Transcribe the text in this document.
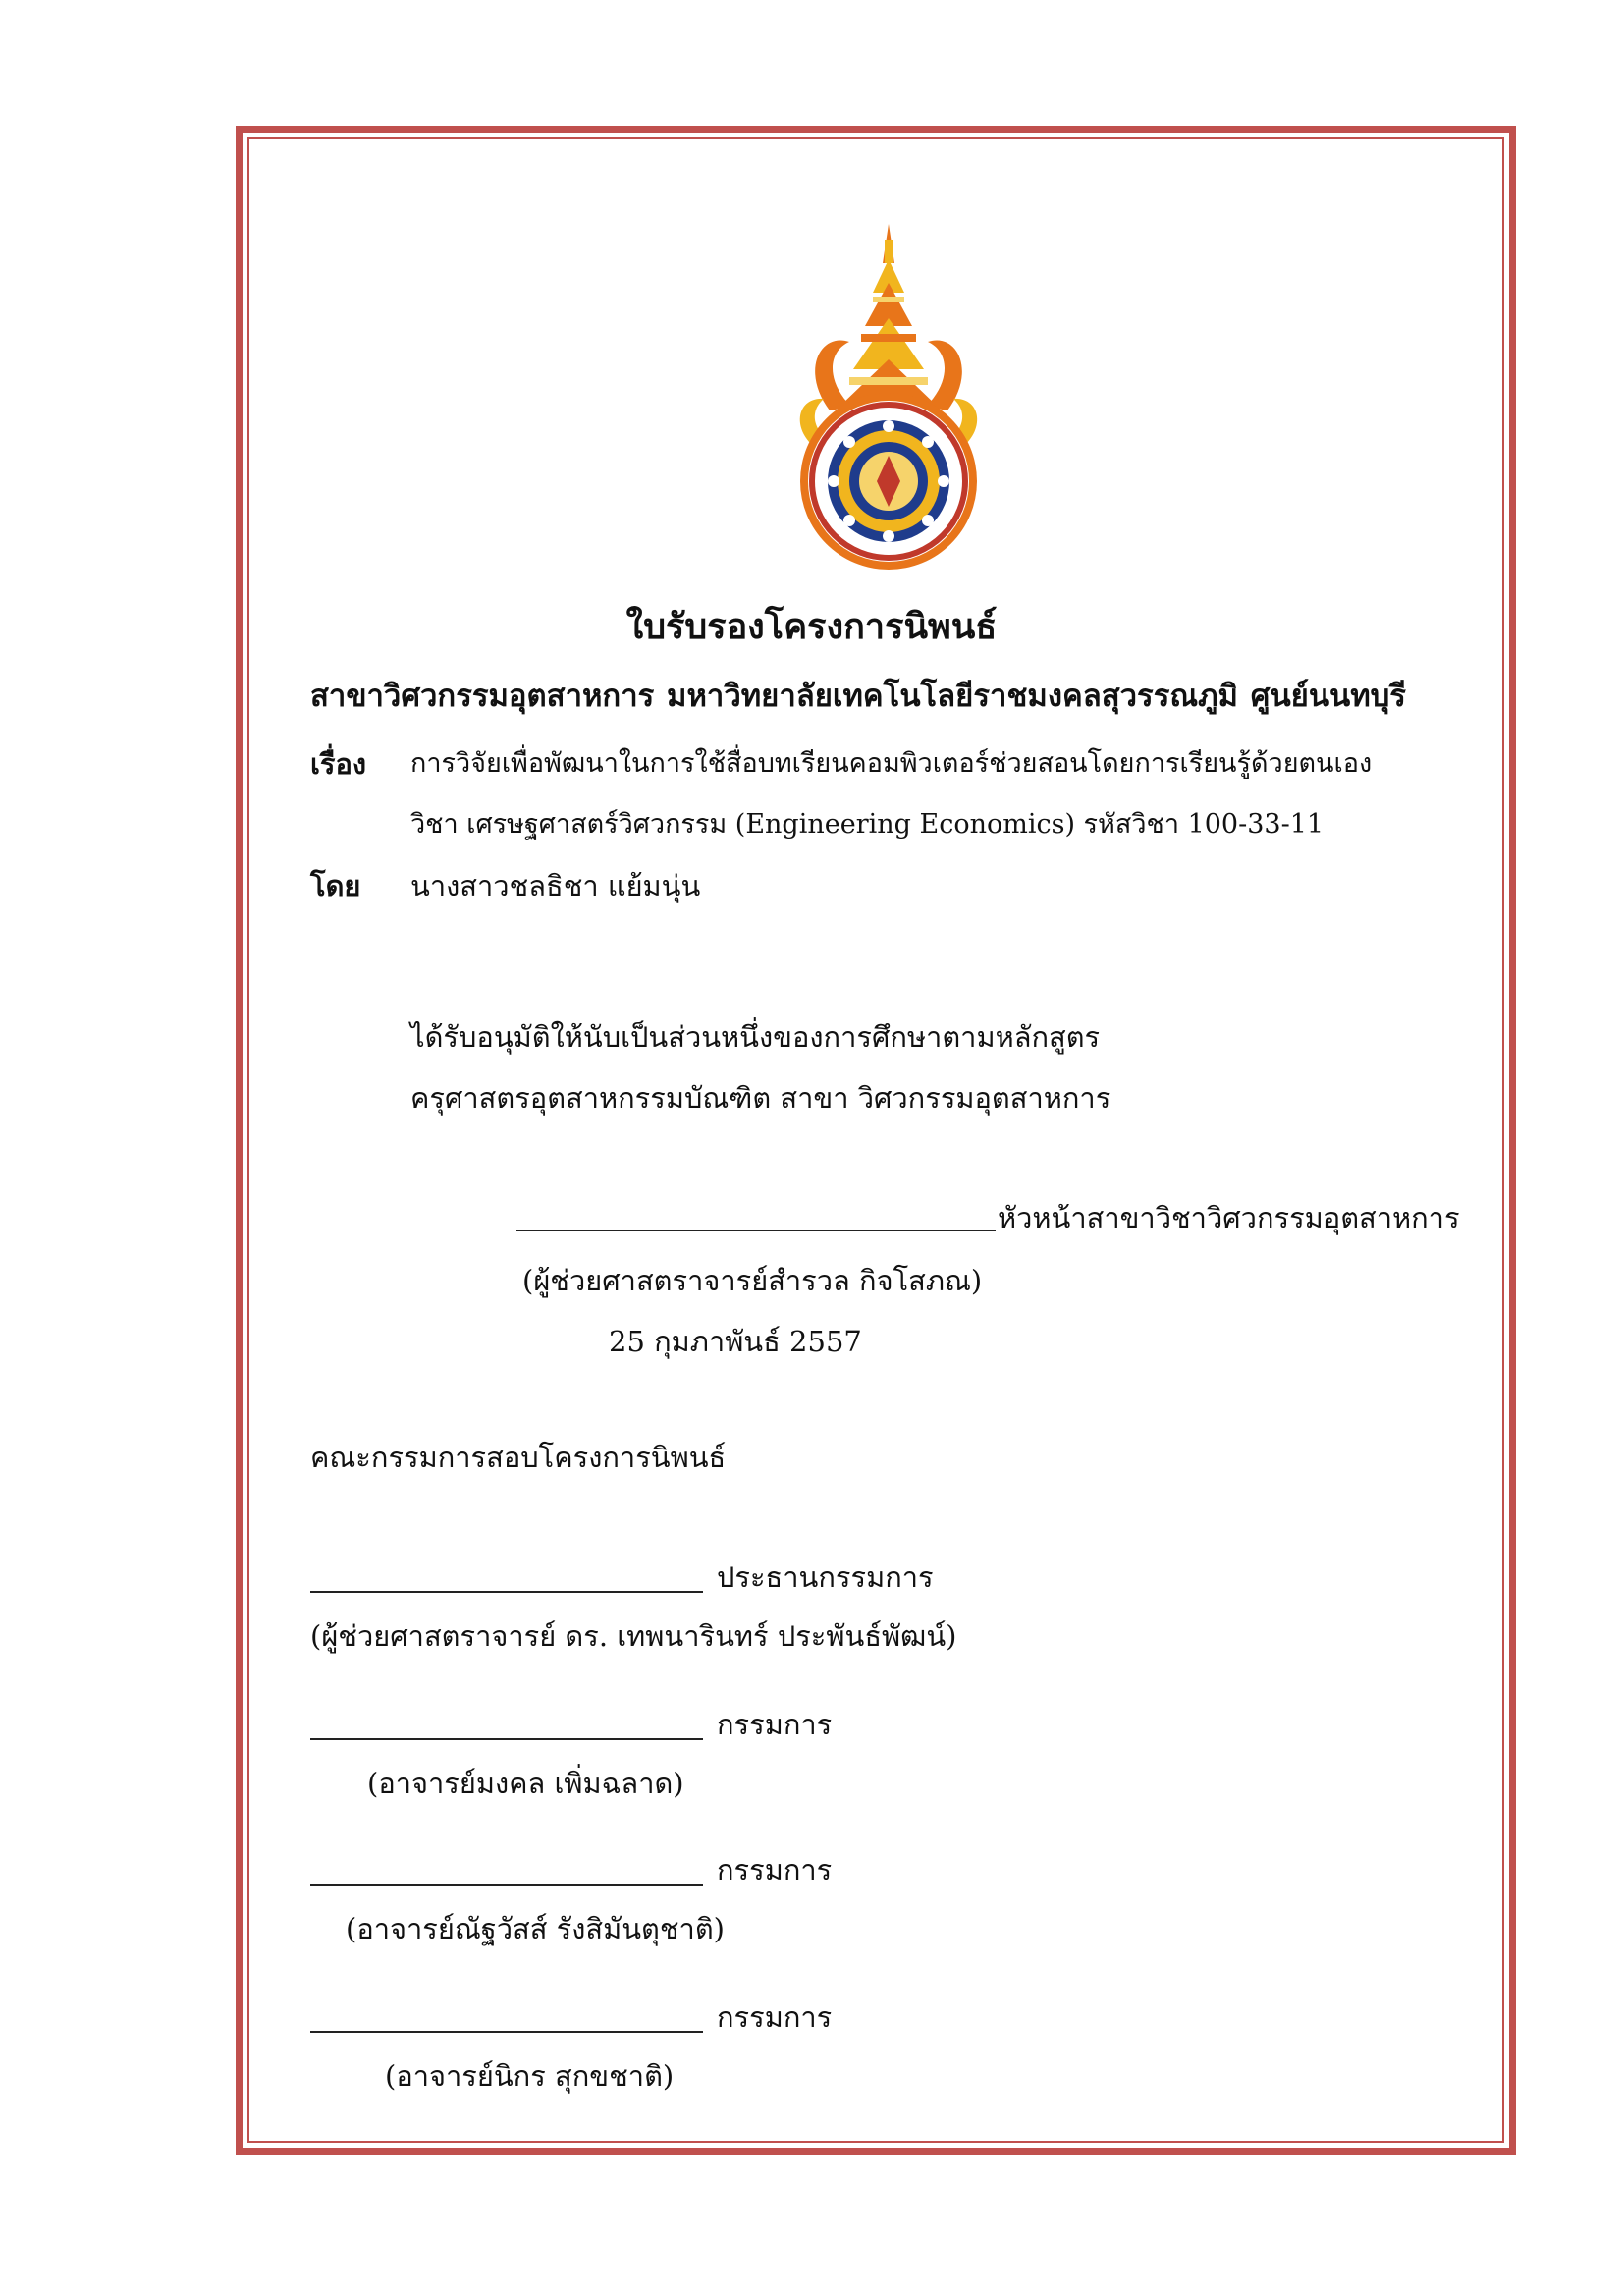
ใบรับรองโครงการนิพนธ์
สาขาวิศวกรรมอุตสาหการ มหาวิทยาลัยเทคโนโลยีราชมงคลสุวรรณภูมิ ศูนย์นนทบุรี
เรื่อง การวิจัยเพื่อพัฒนาในการใช้สื่อบทเรียนคอมพิวเตอร์ช่วยสอนโดยการเรียนรู้ด้วยตนเอง
วิชา เศรษฐศาสตร์วิศวกรรม (Engineering Economics) รหัสวิชา 100-33-11
โดย นางสาวชลธิชา แย้มนุ่น
ได้รับอนุมัติให้นับเป็นส่วนหนึ่งของการศึกษาตามหลักสูตร
ครุศาสตรอุตสาหกรรมบัณฑิต สาขา วิศวกรรมอุตสาหการ
หัวหน้าสาขาวิชาวิศวกรรมอุตสาหการ
(ผู้ช่วยศาสตราจารย์สำรวล กิจโสภณ)
25 กุมภาพันธ์ 2557
คณะกรรมการสอบโครงการนิพนธ์
ประธานกรรมการ
(ผู้ช่วยศาสตราจารย์ ดร. เทพนารินทร์ ประพันธ์พัฒน์)
กรรมการ
(อาจารย์มงคล เพิ่มฉลาด)
กรรมการ
(อาจารย์ณัฐวัสส์ รังสิมันตุชาติ)
กรรมการ
(อาจารย์นิกร สุกขชาติ)
